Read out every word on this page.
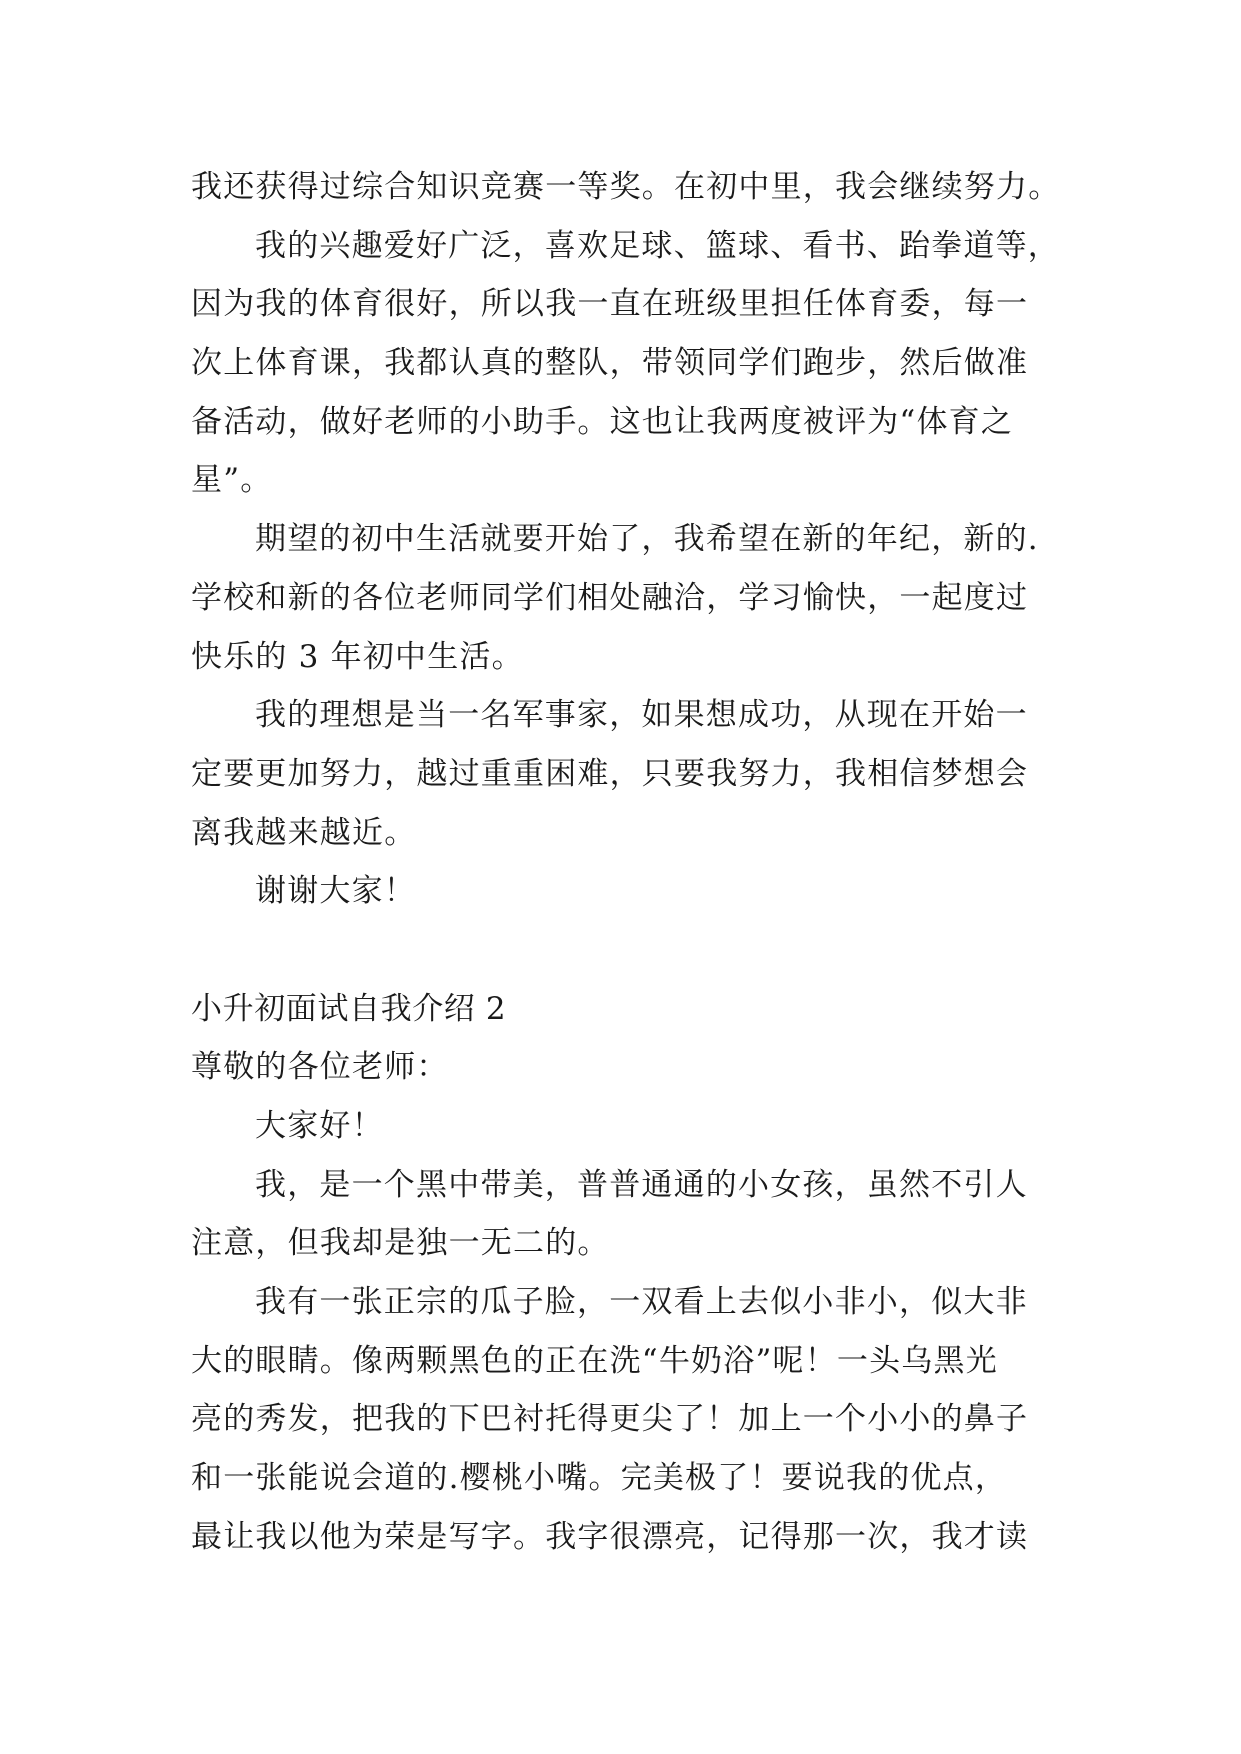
我还获得过综合知识竞赛一等奖。在初中里，我会继续努力。
我的兴趣爱好广泛，喜欢足球、篮球、看书、跆拳道等，
因为我的体育很好，所以我一直在班级里担任体育委，每一
次上体育课，我都认真的整队，带领同学们跑步，然后做准
备活动，做好老师的小助手。这也让我两度被评为“体育之
星”。
期望的初中生活就要开始了，我希望在新的年纪，新的.
学校和新的各位老师同学们相处融洽，学习愉快，一起度过
快乐的 3 年初中生活。
我的理想是当一名军事家，如果想成功，从现在开始一
定要更加努力，越过重重困难，只要我努力，我相信梦想会
离我越来越近。
谢谢大家！
小升初面试自我介绍 2
尊敬的各位老师：
大家好！
我，是一个黑中带美，普普通通的小女孩，虽然不引人
注意，但我却是独一无二的。
我有一张正宗的瓜子脸，一双看上去似小非小，似大非
大的眼睛。像两颗黑色的正在洗“牛奶浴”呢！一头乌黑光
亮的秀发，把我的下巴衬托得更尖了！加上一个小小的鼻子
和一张能说会道的.樱桃小嘴。完美极了！要说我的优点，
最让我以他为荣是写字。我字很漂亮，记得那一次，我才读
